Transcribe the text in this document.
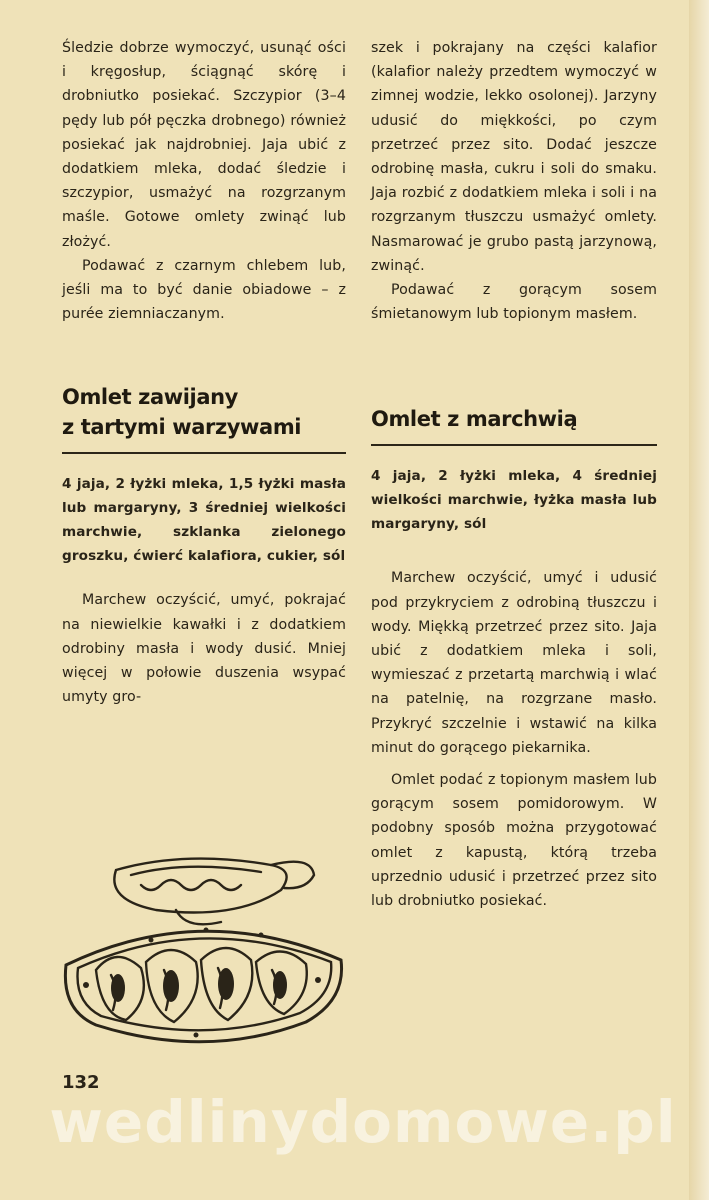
Śledzie dobrze wymoczyć, usunąć ości i kręgosłup, ściągnąć skórę i drobniutko posiekać. Szczypior (3–4 pędy lub pół pęczka drobnego) również posiekać jak najdrobniej. Jaja ubić z dodatkiem mleka, dodać śledzie i szczypior, usmażyć na rozgrzanym maśle. Gotowe omlety zwinąć lub złożyć.

Podawać z czarnym chlebem lub, jeśli ma to być danie obiadowe – z purée ziemniaczanym.

Omlet zawijany
z tartymi warzywami

4 jaja, 2 łyżki mleka, 1,5 łyżki masła lub margaryny, 3 średniej wielkości marchwie, szklanka zielonego groszku, ćwierć kalafiora, cukier, sól

Marchew oczyścić, umyć, pokrajać na niewielkie kawałki i z dodatkiem odrobiny masła i wody dusić. Mniej więcej w połowie duszenia wsypać umyty gro-

szek i pokrajany na części kalafior (kalafior należy przedtem wymoczyć w zimnej wodzie, lekko osolonej). Jarzyny udusić do miękkości, po czym przetrzeć przez sito. Dodać jeszcze odrobinę masła, cukru i soli do smaku. Jaja rozbić z dodatkiem mleka i soli i na rozgrzanym tłuszczu usmażyć omlety. Nasmarować je grubo pastą jarzynową, zwinąć.

Podawać z gorącym sosem śmietanowym lub topionym masłem.

Omlet z marchwią

4 jaja, 2 łyżki mleka, 4 średniej wielkości marchwie, łyżka masła lub margaryny, sól

Marchew oczyścić, umyć i udusić pod przykryciem z odrobiną tłuszczu i wody. Miękką przetrzeć przez sito. Jaja ubić z dodatkiem mleka i soli, wymieszać z przetartą marchwią i wlać na patelnię, na rozgrzane masło. Przykryć szczelnie i wstawić na kilka minut do gorącego piekarnika.

Omlet podać z topionym masłem lub gorącym sosem pomidorowym. W podobny sposób można przygotować omlet z kapustą, którą trzeba uprzednio udusić i przetrzeć przez sito lub drobniutko posiekać.

132
wedlinydomowe.pl
